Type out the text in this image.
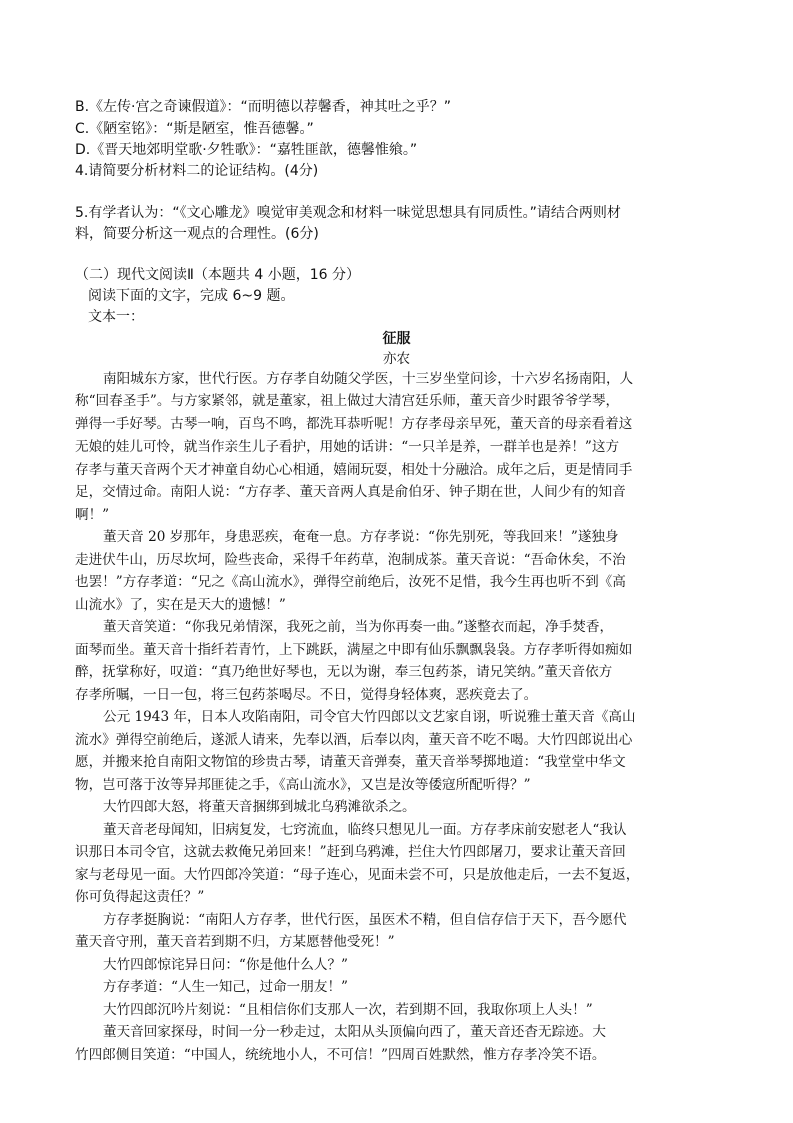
B.《左传·宫之奇谏假道》：“而明德以荐馨香，神其吐之乎？”
C.《陋室铭》：“斯是陋室，惟吾德馨。”
D.《晋天地郊明堂歌·夕牲歌》：“嘉牲匪歆，德馨惟飨。”
4.请简要分析材料二的论证结构。(4分)
5.有学者认为：“《文心雕龙》嗅觉审美观念和材料一味觉思想具有同质性。”请结合两则材
料，简要分析这一观点的合理性。(6分)
（二）现代文阅读Ⅱ（本题共 4 小题，16 分）
阅读下面的文字，完成 6~9 题。
文本一：
征服
亦农
南阳城东方家，世代行医。方存孝自幼随父学医，十三岁坐堂问诊，十六岁名扬南阳，人
称“回春圣手”。与方家紧邻，就是董家，祖上做过大清宫廷乐师，董天音少时跟爷爷学琴，
弹得一手好琴。古琴一响，百鸟不鸣，都洗耳恭听呢！方存孝母亲早死，董天音的母亲看着这
无娘的娃儿可怜，就当作亲生儿子看护，用她的话讲：“一只羊是养，一群羊也是养！”这方
存孝与董天音两个天才神童自幼心心相通，嬉闹玩耍，相处十分融洽。成年之后，更是情同手
足，交情过命。南阳人说：“方存孝、董天音两人真是俞伯牙、钟子期在世，人间少有的知音
啊！”
董天音 20 岁那年，身患恶疾，奄奄一息。方存孝说：“你先别死，等我回来！”遂独身
走进伏牛山，历尽坎坷，险些丧命，采得千年药草，泡制成茶。董天音说：“吾命休矣，不治
也罢！”方存孝道：“兄之《高山流水》，弹得空前绝后，汝死不足惜，我今生再也听不到《高
山流水》了，实在是天大的遗憾！”
董天音笑道：“你我兄弟情深，我死之前，当为你再奏一曲。”遂整衣而起，净手焚香，
面琴而坐。董天音十指纤若青竹，上下跳跃，满屋之中即有仙乐飘飘袅袅。方存孝听得如痴如
醉，抚掌称好，叹道：“真乃绝世好琴也，无以为谢，奉三包药茶，请兄笑纳。”董天音依方
存孝所嘱，一日一包，将三包药茶喝尽。不日，觉得身轻体爽，恶疾竟去了。
公元 1943 年，日本人攻陷南阳，司令官大竹四郎以文艺家自诩，听说雅士董天音《高山
流水》弹得空前绝后，遂派人请来，先奉以酒，后奉以肉，董天音不吃不喝。大竹四郎说出心
愿，并搬来抢自南阳文物馆的珍贵古琴，请董天音弹奏，董天音举琴掷地道：“我堂堂中华文
物，岂可落于汝等异邦匪徒之手，《高山流水》，又岂是汝等倭寇所配听得？”
大竹四郎大怒，将董天音捆绑到城北乌鸦滩欲杀之。
董天音老母闻知，旧病复发，七窍流血，临终只想见儿一面。方存孝床前安慰老人“我认
识那日本司令官，这就去救俺兄弟回来！”赶到乌鸦滩，拦住大竹四郎屠刀，要求让董天音回
家与老母见一面。大竹四郎冷笑道：“母子连心，见面未尝不可，只是放他走后，一去不复返，
你可负得起这责任？”
方存孝挺胸说：“南阳人方存孝，世代行医，虽医术不精，但自信存信于天下，吾今愿代
董天音守刑，董天音若到期不归，方某愿替他受死！”
大竹四郎惊诧异日问：“你是他什么人？”
方存孝道：“人生一知己，过命一朋友！”
大竹四郎沉吟片刻说：“且相信你们支那人一次，若到期不回，我取你项上人头！”
董天音回家探母，时间一分一秒走过，太阳从头顶偏向西了，董天音还杳无踪迹。大
竹四郎侧目笑道：“中国人，统统地小人，不可信！”四周百姓默然，惟方存孝冷笑不语。
